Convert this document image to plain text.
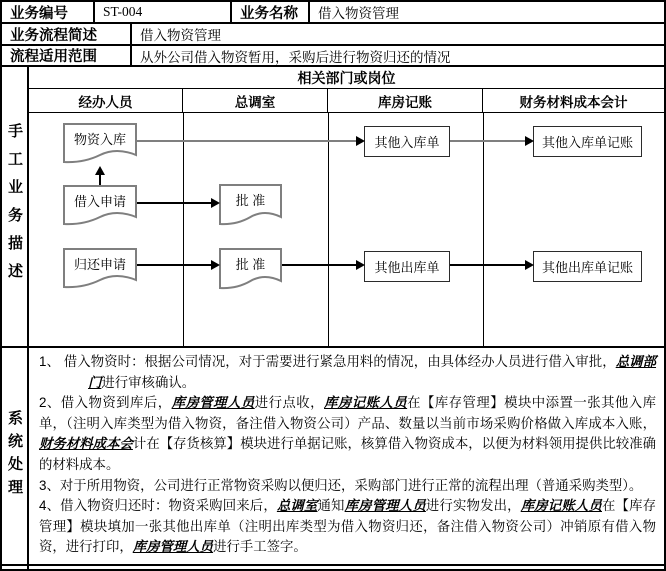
业务编号	ST-004	业务名称	借入物资管理
业务流程简述	借入物资管理
流程适用范围	从外公司借入物资暂用，采购后进行物资归还的情况
手工业务描述
相关部门或岗位
经办人员	总调室	库房记账	财务材料成本会计
物资入库
借入申请
归还申请
批 准
批 准
其他入库单	其他入库单记账
其他出库单	其他出库单记账
系统处理
1、 借入物资时：根据公司情况，对于需要进行紧急用料的情况，由具体经办人员进行借入审批，总调部门进行审核确认。
2、借入物资到库后，库房管理人员进行点收，库房记账人员在【库存管理】模块中添置一张其他入库单，（注明入库类型为借入物资，备注借入物资公司）产品、数量以当前市场采购价格做入库成本入账，财务材料成本会计在【存货核算】模块进行单据记账，核算借入物资成本，以便为材料领用提供比较准确的材料成本。
3、对于所用物资，公司进行正常物资采购以便归还，采购部门进行正常的流程出理（普通采购类型）。
4、借入物资归还时：物资采购回来后，总调室通知库房管理人员进行实物发出，库房记账人员在【库存管理】模块填加一张其他出库单（注明出库类型为借入物资归还，备注借入物资公司）冲销原有借入物资，进行打印，库房管理人员进行手工签字。
